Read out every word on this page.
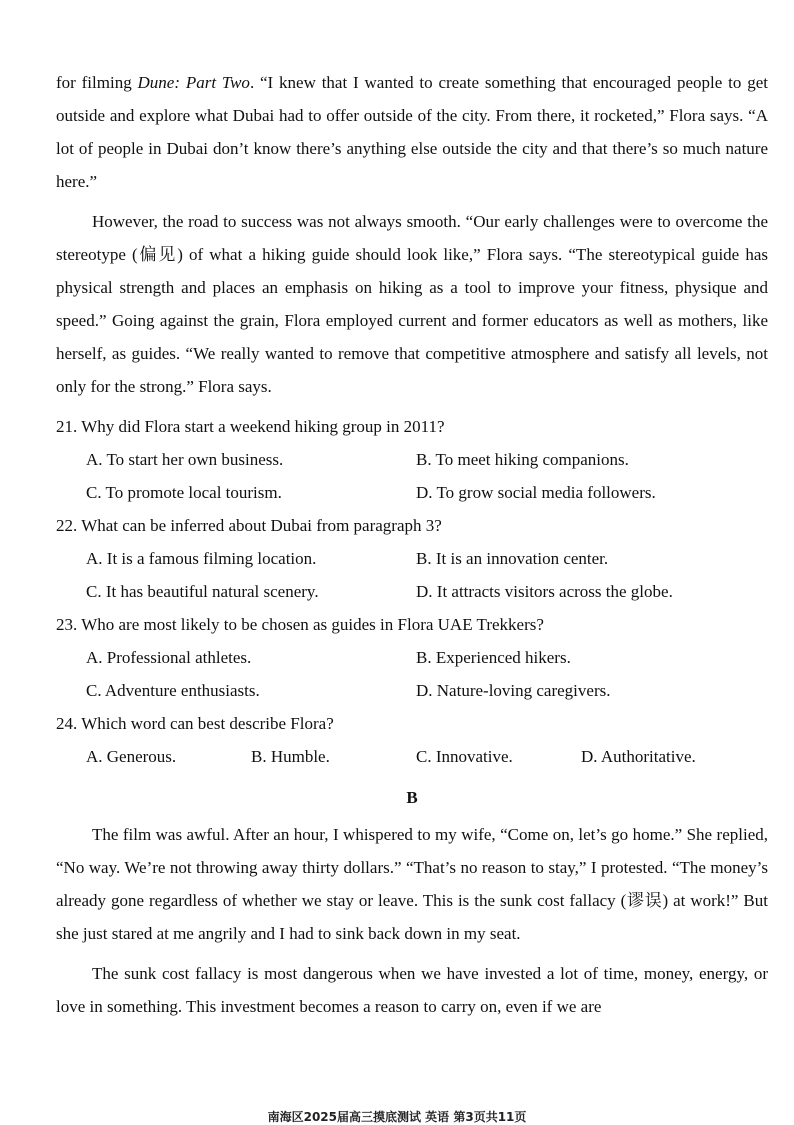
for filming Dune: Part Two. “I knew that I wanted to create something that encouraged people to get outside and explore what Dubai had to offer outside of the city. From there, it rocketed,” Flora says. “A lot of people in Dubai don’t know there’s anything else outside the city and that there’s so much nature here.”

However, the road to success was not always smooth. “Our early challenges were to overcome the stereotype (偏见) of what a hiking guide should look like,” Flora says. “The stereotypical guide has physical strength and places an emphasis on hiking as a tool to improve your fitness, physique and speed.” Going against the grain, Flora employed current and former educators as well as mothers, like herself, as guides. “We really wanted to remove that competitive atmosphere and satisfy all levels, not only for the strong.” Flora says.

21. Why did Flora start a weekend hiking group in 2011?

A. To start her own business.	B. To meet hiking companions.
C. To promote local tourism.	D. To grow social media followers.

22. What can be inferred about Dubai from paragraph 3?

A. It is a famous filming location.	B. It is an innovation center.
C. It has beautiful natural scenery.	D. It attracts visitors across the globe.

23. Who are most likely to be chosen as guides in Flora UAE Trekkers?

A. Professional athletes.	B. Experienced hikers.
C. Adventure enthusiasts.	D. Nature-loving caregivers.

24. Which word can best describe Flora?

A. Generous.	B. Humble.	C. Innovative.	D. Authoritative.
B

The film was awful. After an hour, I whispered to my wife, “Come on, let’s go home.” She replied, “No way. We’re not throwing away thirty dollars.” “That’s no reason to stay,” I protested. “The money’s already gone regardless of whether we stay or leave. This is the sunk cost fallacy (谬误) at work!” But she just stared at me angrily and I had to sink back down in my seat.

The sunk cost fallacy is most dangerous when we have invested a lot of time, money, energy, or love in something. This investment becomes a reason to carry on, even if we are

南海区2025届高三摸底测试 英语 第3页共11页
